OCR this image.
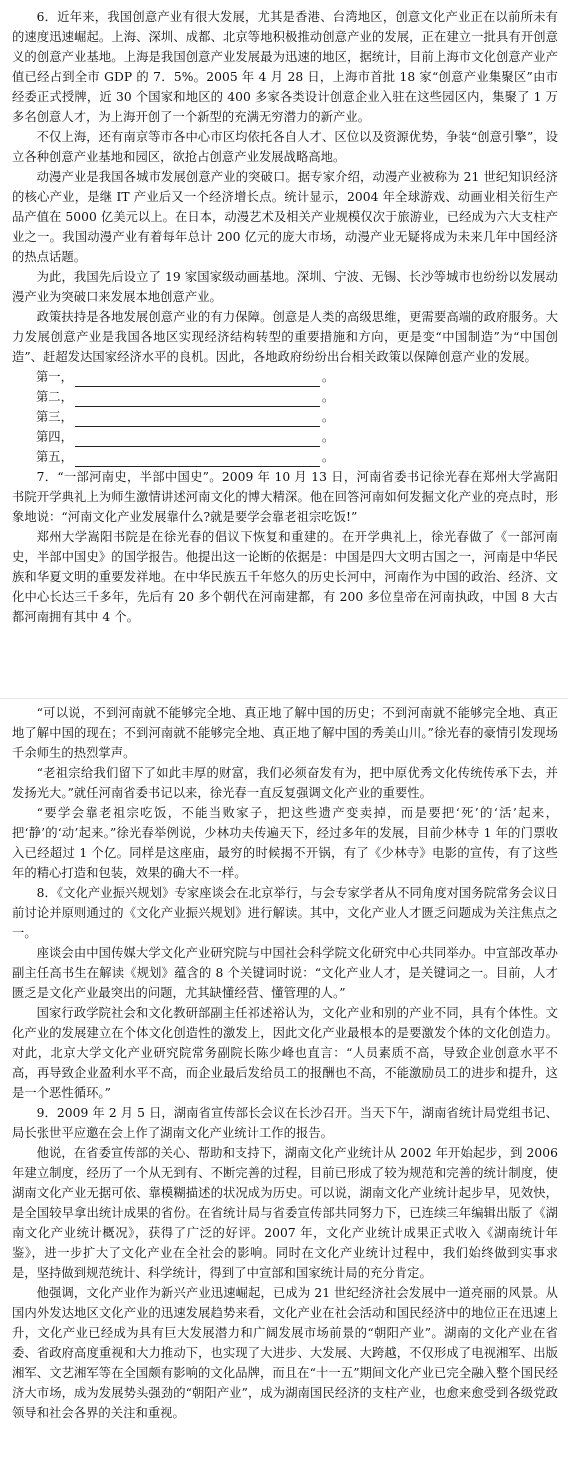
6．近年来，我国创意产业有很大发展，尤其是香港、台湾地区，创意文化产业正在以前所未有的速度迅速崛起。上海、深圳、成都、北京等地积极推动创意产业的发展，正在建立一批具有开创意义的创意产业基地。上海是我国创意产业发展最为迅速的地区，据统计，目前上海市文化创意产业产值已经占到全市 GDP 的 7．5%。2005 年 4 月 28 日，上海市首批 18 家“创意产业集聚区”由市经委正式授牌，近 30 个国家和地区的 400 多家各类设计创意企业入驻在这些园区内，集聚了 1 万多名创意人才，为上海开创了一个新型的充满无穷潜力的新产业。

不仅上海，还有南京等市各中心市区均依托各自人才、区位以及资源优势，争装“创意引擎”，设立各种创意产业基地和园区，欲抢占创意产业发展战略高地。

动漫产业是我国各城市发展创意产业的突破口。据专家介绍，动漫产业被称为 21 世纪知识经济的核心产业，是继 IT 产业后又一个经济增长点。统计显示，2004 年全球游戏、动画业相关衍生产品产值在 5000 亿美元以上。在日本，动漫艺术及相关产业规模仅次于旅游业，已经成为六大支柱产业之一。我国动漫产业有着每年总计 200 亿元的庞大市场，动漫产业无疑将成为未来几年中国经济的热点话题。

为此，我国先后设立了 19 家国家级动画基地。深圳、宁波、无锡、长沙等城市也纷纷以发展动漫产业为突破口来发展本地创意产业。

政策扶持是各地发展创意产业的有力保障。创意是人类的高级思维，更需要高端的政府服务。大力发展创意产业是我国各地区实现经济结构转型的重要措施和方向，更是变“中国制造”为“中国创造”、赶超发达国家经济水平的良机。因此，各地政府纷纷出台相关政策以保障创意产业的发展。

第一，	。
第二，	。
第三，	。
第四，	。
第五，	。

7．“一部河南史，半部中国史”。2009 年 10 月 13 日，河南省委书记徐光春在郑州大学嵩阳书院开学典礼上为师生激情讲述河南文化的博大精深。他在回答河南如何发掘文化产业的亮点时，形象地说：“河南文化产业发展靠什么?就是要学会靠老祖宗吃饭!”

郑州大学嵩阳书院是在徐光春的倡议下恢复和重建的。在开学典礼上，徐光春做了《一部河南史，半部中国史》的国学报告。他提出这一论断的依据是：中国是四大文明古国之一，河南是中华民族和华夏文明的重要发祥地。在中华民族五千年悠久的历史长河中，河南作为中国的政治、经济、文化中心长达三千多年，先后有 20 多个朝代在河南建都，有 200 多位皇帝在河南执政，中国 8 大古都河南拥有其中 4 个。

“可以说，不到河南就不能够完全地、真正地了解中国的历史；不到河南就不能够完全地、真正地了解中国的现在；不到河南就不能够完全地、真正地了解中国的秀美山川。”徐光春的豪情引发现场千余师生的热烈掌声。

“老祖宗给我们留下了如此丰厚的财富，我们必须奋发有为，把中原优秀文化传统传承下去，并发扬光大。”就任河南省委书记以来，徐光春一直反复强调文化产业的重要性。

“要学会靠老祖宗吃饭，不能当败家子，把这些遗产变卖掉，而是要把‘死’的‘活’起来，把‘静’的‘动’起来。”徐光春举例说，少林功夫传遍天下，经过多年的发展，目前少林寺 1 年的门票收入已经超过 1 个亿。同样是这座庙，最穷的时候揭不开锅，有了《少林寺》电影的宣传，有了这些年的精心打造和包装，效果的确大不一样。

8．《文化产业振兴规划》专家座谈会在北京举行，与会专家学者从不同角度对国务院常务会议日前讨论并原则通过的《文化产业振兴规划》进行解读。其中，文化产业人才匮乏问题成为关注焦点之一。

座谈会由中国传媒大学文化产业研究院与中国社会科学院文化研究中心共同举办。中宣部改革办副主任高书生在解读《规划》蕴含的 8 个关键词时说：“文化产业人才，是关键词之一。目前，人才匮乏是文化产业最突出的问题，尤其缺懂经营、懂管理的人。”

国家行政学院社会和文化教研部副主任祁述裕认为，文化产业和别的产业不同，具有个体性。文化产业的发展建立在个体文化创造性的激发上，因此文化产业最根本的是要激发个体的文化创造力。对此，北京大学文化产业研究院常务副院长陈少峰也直言：“人员素质不高，导致企业创意水平不高，再导致企业盈利水平不高，而企业最后发给员工的报酬也不高，不能激励员工的进步和提升，这是一个恶性循环。”

9．2009 年 2 月 5 日，湖南省宣传部长会议在长沙召开。当天下午，湖南省统计局党组书记、局长张世平应邀在会上作了湖南文化产业统计工作的报告。

他说，在省委宣传部的关心、帮助和支持下，湖南文化产业统计从 2002 年开始起步，到 2006 年建立制度，经历了一个从无到有、不断完善的过程，目前已形成了较为规范和完善的统计制度，使湖南文化产业无据可依、靠模糊描述的状况成为历史。可以说，湖南文化产业统计起步早，见效快，是全国较早拿出统计成果的省份。在省统计局与省委宣传部共同努力下，已连续三年编辑出版了《湖南文化产业统计概况》，获得了广泛的好评。2007 年，文化产业统计成果正式收入《湖南统计年鉴》，进一步扩大了文化产业在全社会的影响。同时在文化产业统计过程中，我们始终做到实事求是，坚持做到规范统计、科学统计，得到了中宣部和国家统计局的充分肯定。

他强调，文化产业作为新兴产业迅速崛起，已成为 21 世纪经济社会发展中一道亮丽的风景。从国内外发达地区文化产业的迅速发展趋势来看，文化产业在社会活动和国民经济中的地位正在迅速上升，文化产业已经成为具有巨大发展潜力和广阔发展市场前景的“朝阳产业”。湖南的文化产业在省委、省政府高度重视和大力推动下，也实现了大进步、大发展、大跨越，不仅形成了电视湘军、出版湘军、文艺湘军等在全国颇有影响的文化品牌，而且在“十一五”期间文化产业已完全融入整个国民经济大市场，成为发展势头强劲的“朝阳产业”，成为湖南国民经济的支柱产业，也愈来愈受到各级党政领导和社会各界的关注和重视。
